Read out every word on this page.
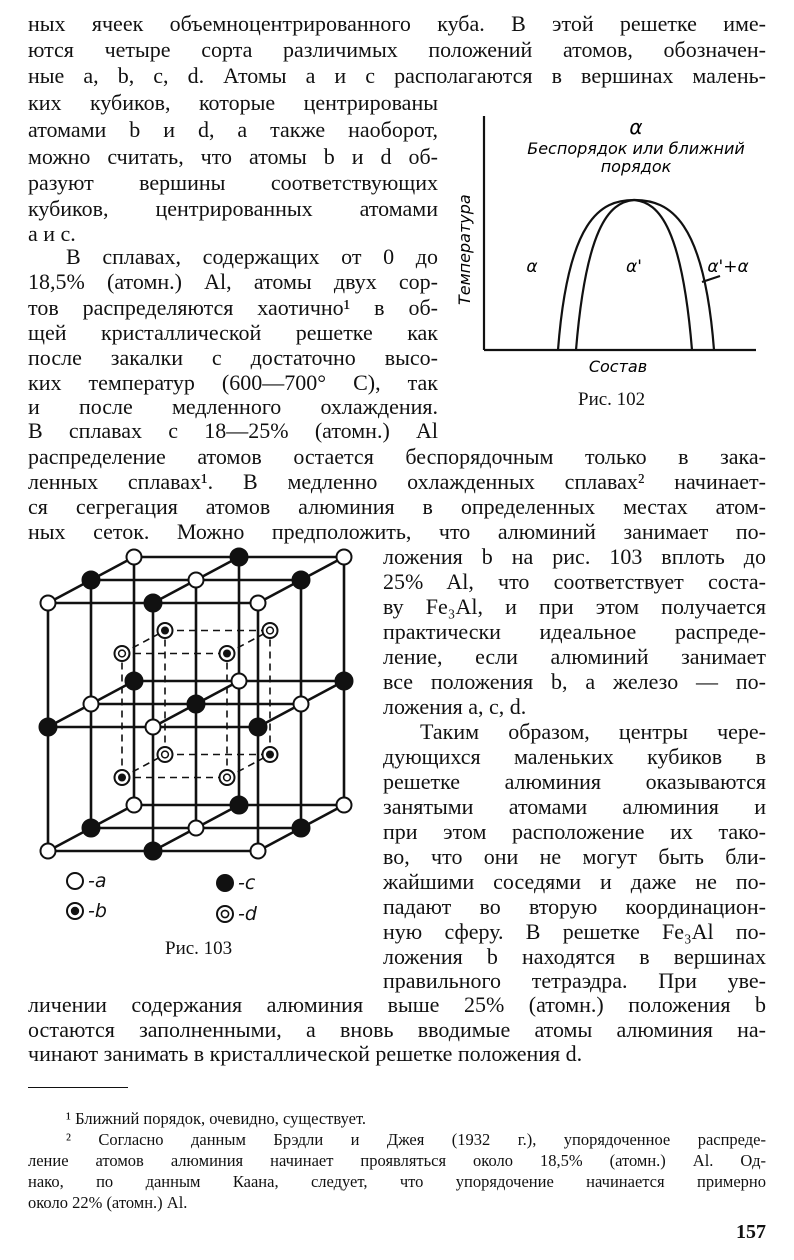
ных ячеек объемноцентрированного куба. В этой решетке име-
ются четыре сорта различимых положений атомов, обозначен-
ные a, b, c, d. Атомы a и c располагаются в вершинах малень-
ких кубиков, которые центрированы
атомами b и d, а также наоборот,
можно считать, что атомы b и d об-
разуют вершины соответствующих
кубиков, центрированных атомами
a и c.
В сплавах, содержащих от 0 до
18,5% (атомн.) Al, атомы двух сор-
тов распределяются хаотично¹ в об-
щей кристаллической решетке как
после закалки с достаточно высо-
ких температур (600—700° C), так
и после медленного охлаждения.
В сплавах с 18—25% (атомн.) Al
α
Беспорядок или ближний
порядок
Температура
Состав
α	α'	α'+α
Рис. 102
распределение атомов остается беспорядочным только в зака-
ленных сплавах¹. В медленно охлажденных сплавах² начинает-
ся сегрегация атомов алюминия в определенных местах атом-
ных сеток. Можно предположить, что алюминий занимает по-
-a
-b
-c
-d
Рис. 103
ложения b на рис. 103 вплоть до
25% Al, что соответствует соста-
ву Fe₃Al, и при этом получается
практически идеальное распреде-
ление, если алюминий занимает
все положения b, а железо — по-
ложения a, c, d.
Таким образом, центры чере-
дующихся маленьких кубиков в
решетке алюминия оказываются
занятыми атомами алюминия и
при этом расположение их тако-
во, что они не могут быть бли-
жайшими соседями и даже не по-
падают во вторую координацион-
ную сферу. В решетке Fe₃Al по-
ложения b находятся в вершинах
правильного тетраэдра. При уве-
личении содержания алюминия выше 25% (атомн.) положения b
остаются заполненными, а вновь вводимые атомы алюминия на-
чинают занимать в кристаллической решетке положения d.
¹ Ближний порядок, очевидно, существует.
² Согласно данным Брэдли и Джея (1932 г.), упорядоченное распреде-
ление атомов алюминия начинает проявляться около 18,5% (атомн.) Al. Од-
нако, по данным Каана, следует, что упорядочение начинается примерно
около 22% (атомн.) Al.
157
